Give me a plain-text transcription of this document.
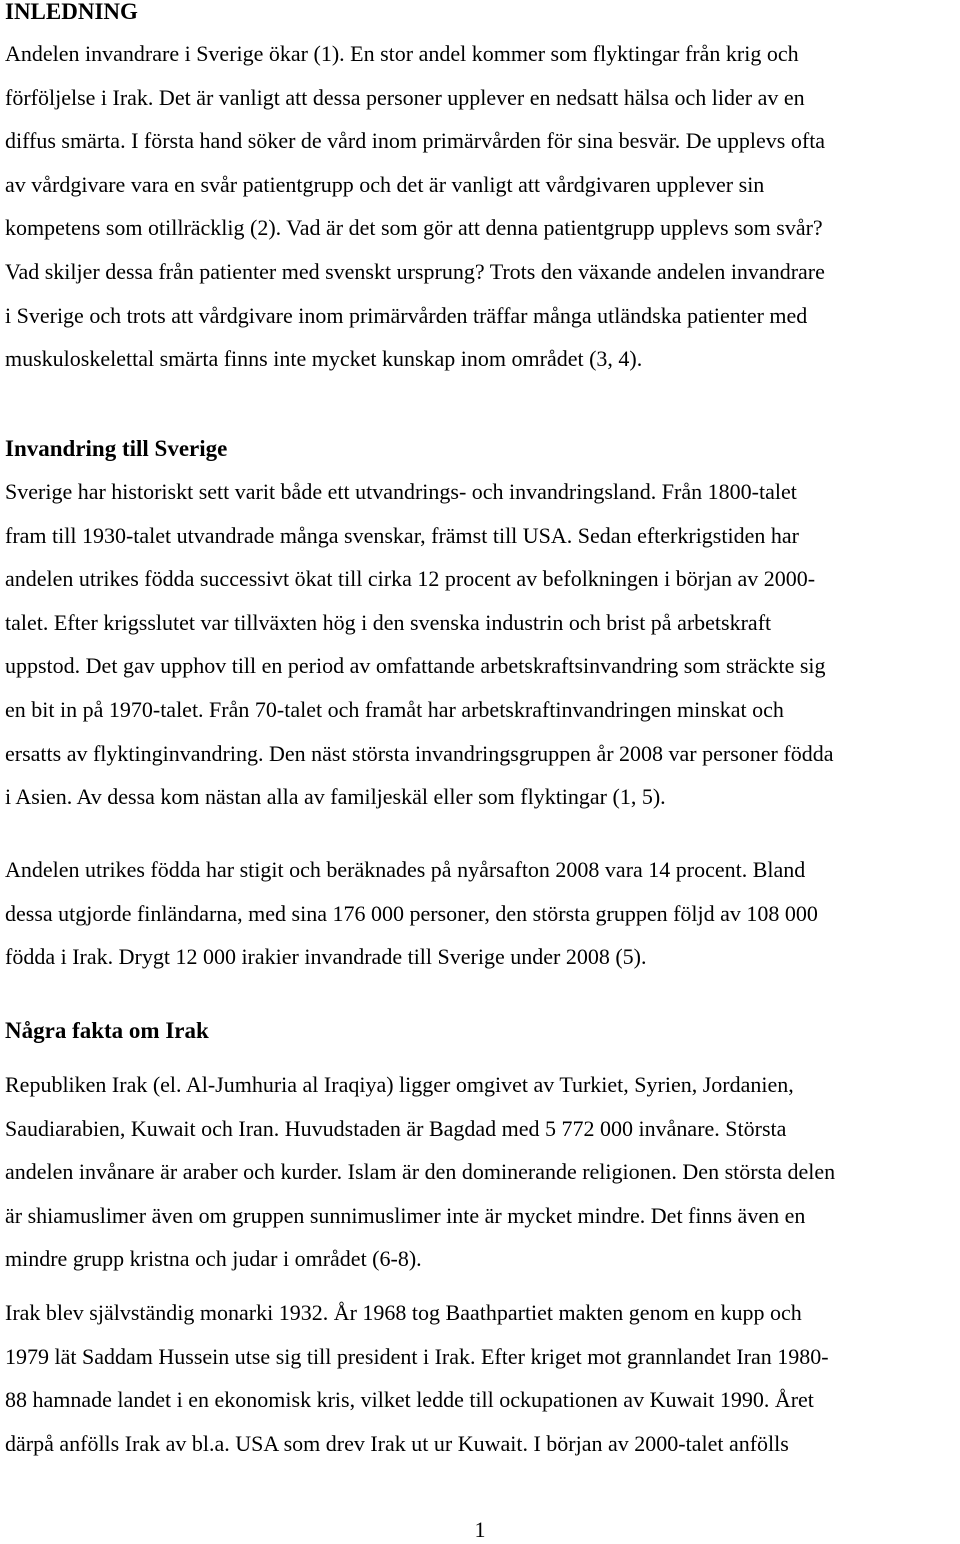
INLEDNING

Andelen invandrare i Sverige ökar (1). En stor andel kommer som flyktingar från krig och
förföljelse i Irak. Det är vanligt att dessa personer upplever en nedsatt hälsa och lider av en
diffus smärta. I första hand söker de vård inom primärvården för sina besvär. De upplevs ofta
av vårdgivare vara en svår patientgrupp och det är vanligt att vårdgivaren upplever sin
kompetens som otillräcklig (2). Vad är det som gör att denna patientgrupp upplevs som svår?
Vad skiljer dessa från patienter med svenskt ursprung? Trots den växande andelen invandrare
i Sverige och trots att vårdgivare inom primärvården träffar många utländska patienter med
muskuloskelettal smärta finns inte mycket kunskap inom området (3, 4).

Invandring till Sverige

Sverige har historiskt sett varit både ett utvandrings- och invandringsland. Från 1800-talet
fram till 1930-talet utvandrade många svenskar, främst till USA. Sedan efterkrigstiden har
andelen utrikes födda successivt ökat till cirka 12 procent av befolkningen i början av 2000-
talet. Efter krigsslutet var tillväxten hög i den svenska industrin och brist på arbetskraft
uppstod. Det gav upphov till en period av omfattande arbetskraftsinvandring som sträckte sig
en bit in på 1970-talet. Från 70-talet och framåt har arbetskraftinvandringen minskat och
ersatts av flyktinginvandring. Den näst största invandringsgruppen år 2008 var personer födda
i Asien. Av dessa kom nästan alla av familjeskäl eller som flyktingar (1, 5).

Andelen utrikes födda har stigit och beräknades på nyårsafton 2008 vara 14 procent. Bland
dessa utgjorde finländarna, med sina 176 000 personer, den största gruppen följd av 108 000
födda i Irak. Drygt 12 000 irakier invandrade till Sverige under 2008 (5).

Några fakta om Irak

Republiken Irak (el. Al-Jumhuria al Iraqiya) ligger omgivet av Turkiet, Syrien, Jordanien,
Saudiarabien, Kuwait och Iran. Huvudstaden är Bagdad med 5 772 000 invånare. Största
andelen invånare är araber och kurder. Islam är den dominerande religionen. Den största delen
är shiamuslimer även om gruppen sunnimuslimer inte är mycket mindre. Det finns även en
mindre grupp kristna och judar i området (6-8).

Irak blev självständig monarki 1932. År 1968 tog Baathpartiet makten genom en kupp och
1979 lät Saddam Hussein utse sig till president i Irak. Efter kriget mot grannlandet Iran 1980-
88 hamnade landet i en ekonomisk kris, vilket ledde till ockupationen av Kuwait 1990. Året
därpå anfölls Irak av bl.a. USA som drev Irak ut ur Kuwait. I början av 2000-talet anfölls

1
